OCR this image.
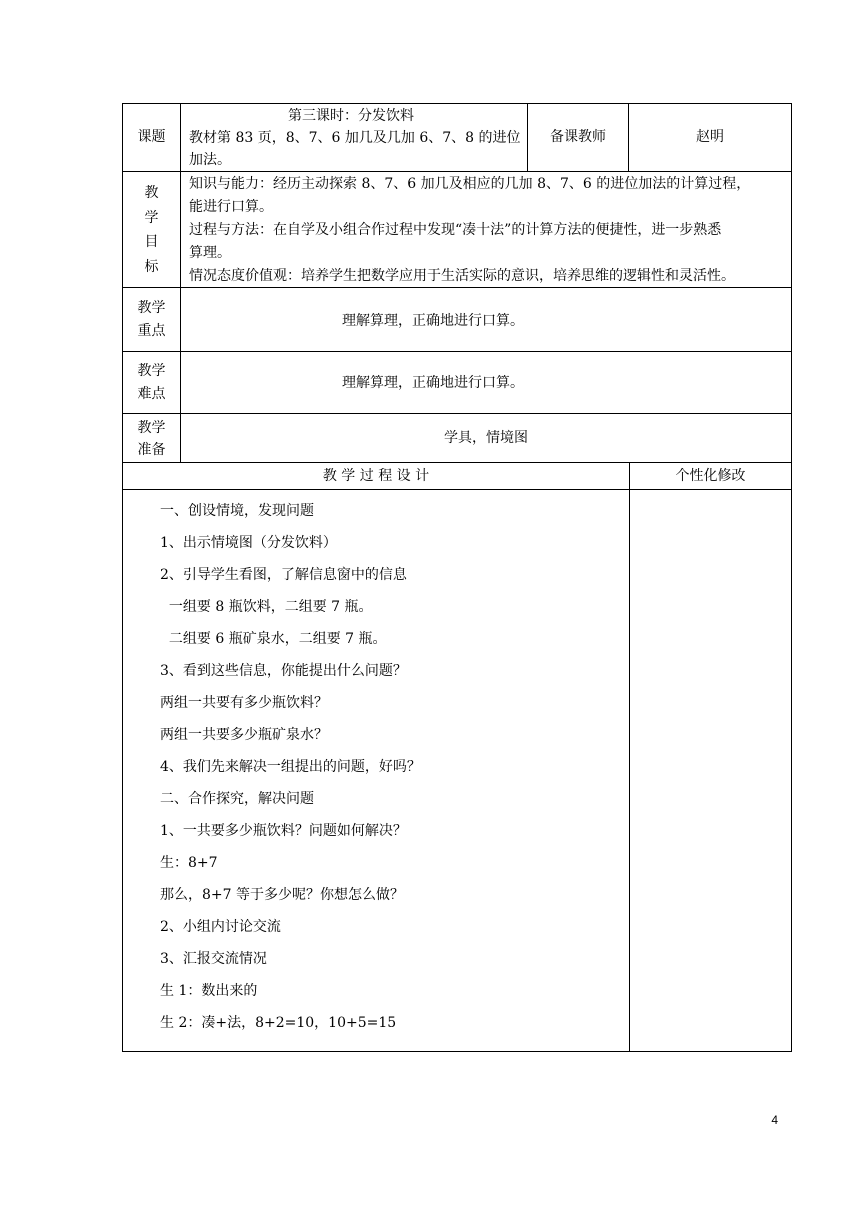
课题
第三课时：分发饮料
教材第 83 页，8、7、6 加几及几加 6、7、8 的进位
加法。
备课教师	赵明
教
学
目
标
知识与能力：经历主动探索 8、7、6 加几及相应的几加 8、7、6 的进位加法的计算过程，
能进行口算。
过程与方法：在自学及小组合作过程中发现“凑十法”的计算方法的便捷性，进一步熟悉
算理。
情况态度价值观：培养学生把数学应用于生活实际的意识，培养思维的逻辑性和灵活性。
教学
重点
理解算理，正确地进行口算。
教学
难点
理解算理，正确地进行口算。
教学
准备
学具，情境图
教 学 过 程 设 计	个性化修改
一、创设情境，发现问题
1、出示情境图（分发饮料）
2、引导学生看图，了解信息窗中的信息
一组要 8 瓶饮料，二组要 7 瓶。
二组要 6 瓶矿泉水，二组要 7 瓶。
3、看到这些信息，你能提出什么问题？
两组一共要有多少瓶饮料？
两组一共要多少瓶矿泉水？
4、我们先来解决一组提出的问题，好吗？
二、合作探究，解决问题
1、一共要多少瓶饮料？问题如何解决？
生：8+7
那么，8+7 等于多少呢？你想怎么做？
2、小组内讨论交流
3、汇报交流情况
生 1：数出来的
生 2：凑+法，8+2=10，10+5=15
4
